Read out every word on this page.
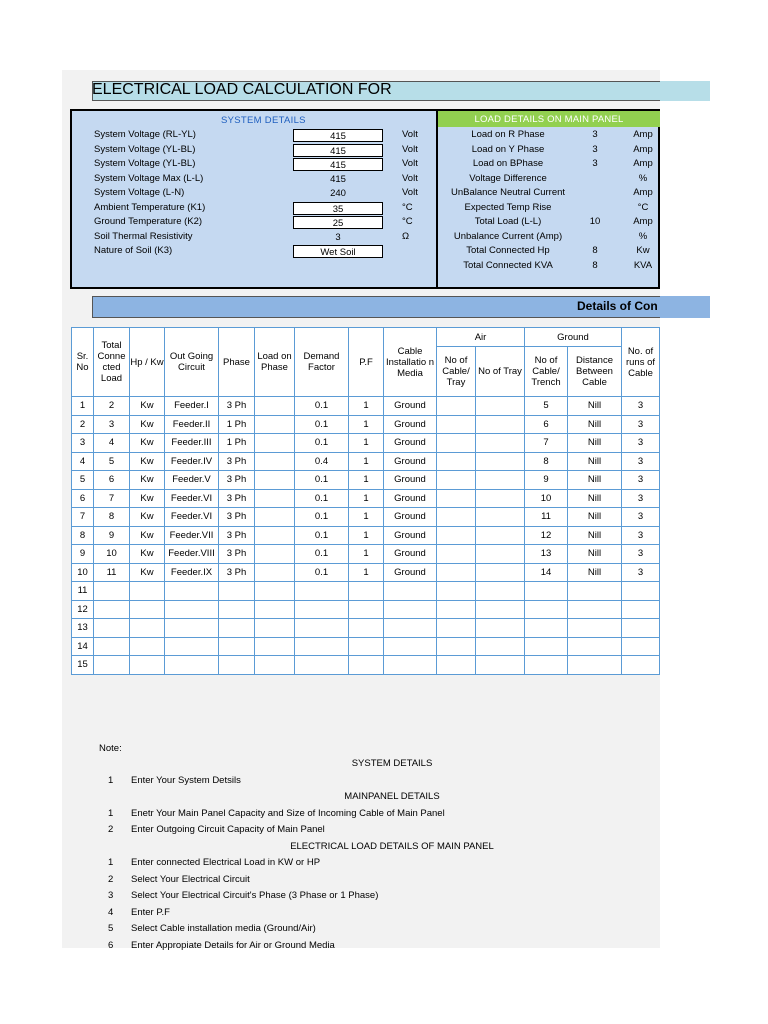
ELECTRICAL LOAD CALCULATION FOR
SYSTEM DETAILS	LOAD DETAILS ON MAIN PANEL
System Voltage (RL-YL)	415	Volt
System Voltage (YL-BL)	415	Volt
System Voltage (YL-BL)	415	Volt
System Voltage Max (L-L)	415	Volt
System Voltage (L-N)	240	Volt
Ambient Temperature (K1)	35	°C
Ground Temperature (K2)	25	°C
Soil Thermal Resistivity	3	Ω
Nature of Soil (K3)	Wet Soil
Load on R Phase	3	Amp
Load on Y Phase	3	Amp
Load on BPhase	3	Amp
Voltage Difference	%
UnBalance Neutral Current	Amp
Expected Temp Rise	°C
Total Load (L-L)	10	Amp
Unbalance Current (Amp)	%
Total Connected Hp	8	Kw
Total Connected KVA	8	KVA
Details of Con
Sr. No	Total Conne cted Load	Hp / Kw	Out Going Circuit	Phase	Load on Phase	Demand Factor	P.F	Cable Installatio n Media	Air		Ground		No. of runs of Cable
									No of Cable/ Tray	No of Tray	No of Cable/ Trench	Distance Between Cable	
1	2	Kw	Feeder.I	3 Ph		0.1	1	Ground			5	Nill	3
2	3	Kw	Feeder.II	1 Ph		0.1	1	Ground			6	Nill	3
3	4	Kw	Feeder.III	1 Ph		0.1	1	Ground			7	Nill	3
4	5	Kw	Feeder.IV	3 Ph		0.4	1	Ground			8	Nill	3
5	6	Kw	Feeder.V	3 Ph		0.1	1	Ground			9	Nill	3
6	7	Kw	Feeder.VI	3 Ph		0.1	1	Ground			10	Nill	3
7	8	Kw	Feeder.VI	3 Ph		0.1	1	Ground			11	Nill	3
8	9	Kw	Feeder.VII	3 Ph		0.1	1	Ground			12	Nill	3
9	10	Kw	Feeder.VIII	3 Ph		0.1	1	Ground			13	Nill	3
10	11	Kw	Feeder.IX	3 Ph		0.1	1	Ground			14	Nill	3
11													
12													
13													
14													
15													
Note:
SYSTEM DETAILS
1 Enter Your System Detsils
MAINPANEL DETAILS
1 Enetr Your Main Panel Capacity and Size of Incoming Cable of Main Panel
2 Enter Outgoing Circuit Capacity of Main Panel
ELECTRICAL LOAD DETAILS OF MAIN PANEL
1 Enter connected Electrical Load in KW or HP
2 Select Your Electrical Circuit
3 Select Your Electrical Circuit's Phase (3 Phase or 1 Phase)
4 Enter P.F
5 Select Cable installation media (Ground/Air)
6 Enter Appropiate Details for Air or Ground Media
